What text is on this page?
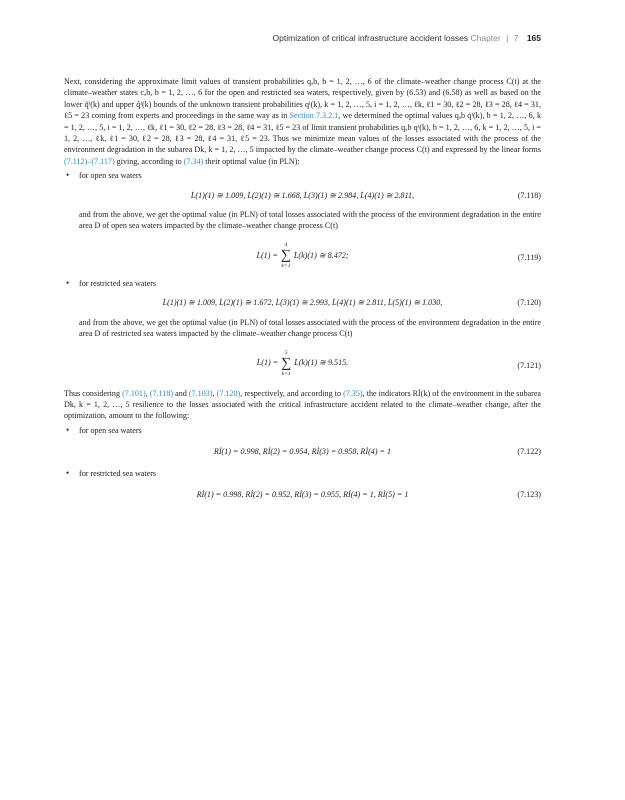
Optimization of critical infrastructure accident losses Chapter | 7 165

Next, considering the approximate limit values of transient probabilities qₐb, b = 1, 2, …, 6 of the climate–weather change process C(t) at the climate–weather states cₐb, b = 1, 2, …, 6 for the open and restricted sea waters, respectively, given by (6.53) and (6.58) as well as based on the lower q̃ⁱ(k) and upper q̂ⁱ(k) bounds of the unknown transient probabilities qⁱ(k), k = 1, 2, …, 5, i = 1, 2, …, ℓk, ℓ1 = 30, ℓ2 = 28, ℓ3 = 28, ℓ4 = 31, ℓ5 = 23 coming from experts and proceedings in the same way as in Section 7.3.2.1, we determined the optimal values qₐb q̇ⁱ(k), b = 1, 2, …, 6, k = 1, 2, …, 5, i = 1, 2, …, ℓk, ℓ1 = 30, ℓ2 = 28, ℓ3 = 28, ℓ4 = 31, ℓ5 = 23 of limit transient probabilities qₐb qⁱ(k), b = 1, 2, …, 6, k = 1, 2, …, 5, i = 1, 2, …, ℓk, ℓ1 = 30, ℓ2 = 28, ℓ3 = 28, ℓ4 = 31, ℓ5 = 23. Thus we minimize mean values of the losses associated with the process of the environment degradation in the subarea Dk, k = 1, 2, …, 5 impacted by the climate–weather change process C(t) and expressed by the linear forms (7.112)–(7.117) giving, according to (7.34) their optimal value (in PLN):

• for open sea waters

L̇(1)(1) ≅ 1.009, L̇(2)(1) ≅ 1.668, L̇(3)(1) ≅ 2.984, L̇(4)(1) ≅ 2.811,	(7.118)

and from the above, we get the optimal value (in PLN) of total losses associated with the process of the environment degradation in the entire area D of open sea waters impacted by the climate–weather change process C(t)

L̇(1) =
4
∑
k=1
L̇(k)(1) ≅ 8.472;	(7.119)

• for restricted sea waters

L̇(1)(1) ≅ 1.009, L̇(2)(1) ≅ 1.672, L̇(3)(1) ≅ 2.993, L̇(4)(1) ≅ 2.811, L̇(5)(1) ≅ 1.030,	(7.120)

and from the above, we get the optimal value (in PLN) of total losses associated with the process of the environment degradation in the entire area D of restricted sea waters impacted by the climate–weather change process C(t)

L̇(1) =
5
∑
k=1
L̇(k)(1) ≅ 9.515.	(7.121)

Thus considering (7.101), (7.118) and (7.103), (7.120), respectively, and according to (7.35), the indicators Rİ(k) of the environment in the subarea Dk, k = 1, 2, …, 5 resilience to the losses associated with the critical infrastructure accident related to the climate–weather change, after the optimization, amount to the following:

• for open sea waters

Rİ(1) = 0.998, Rİ(2) = 0.954, Rİ(3) = 0.958, Rİ(4) = 1	(7.122)

• for restricted sea waters

Rİ(1) = 0.998, Rİ(2) = 0.952, Rİ(3) = 0.955, Rİ(4) = 1, Rİ(5) = 1	(7.123)
